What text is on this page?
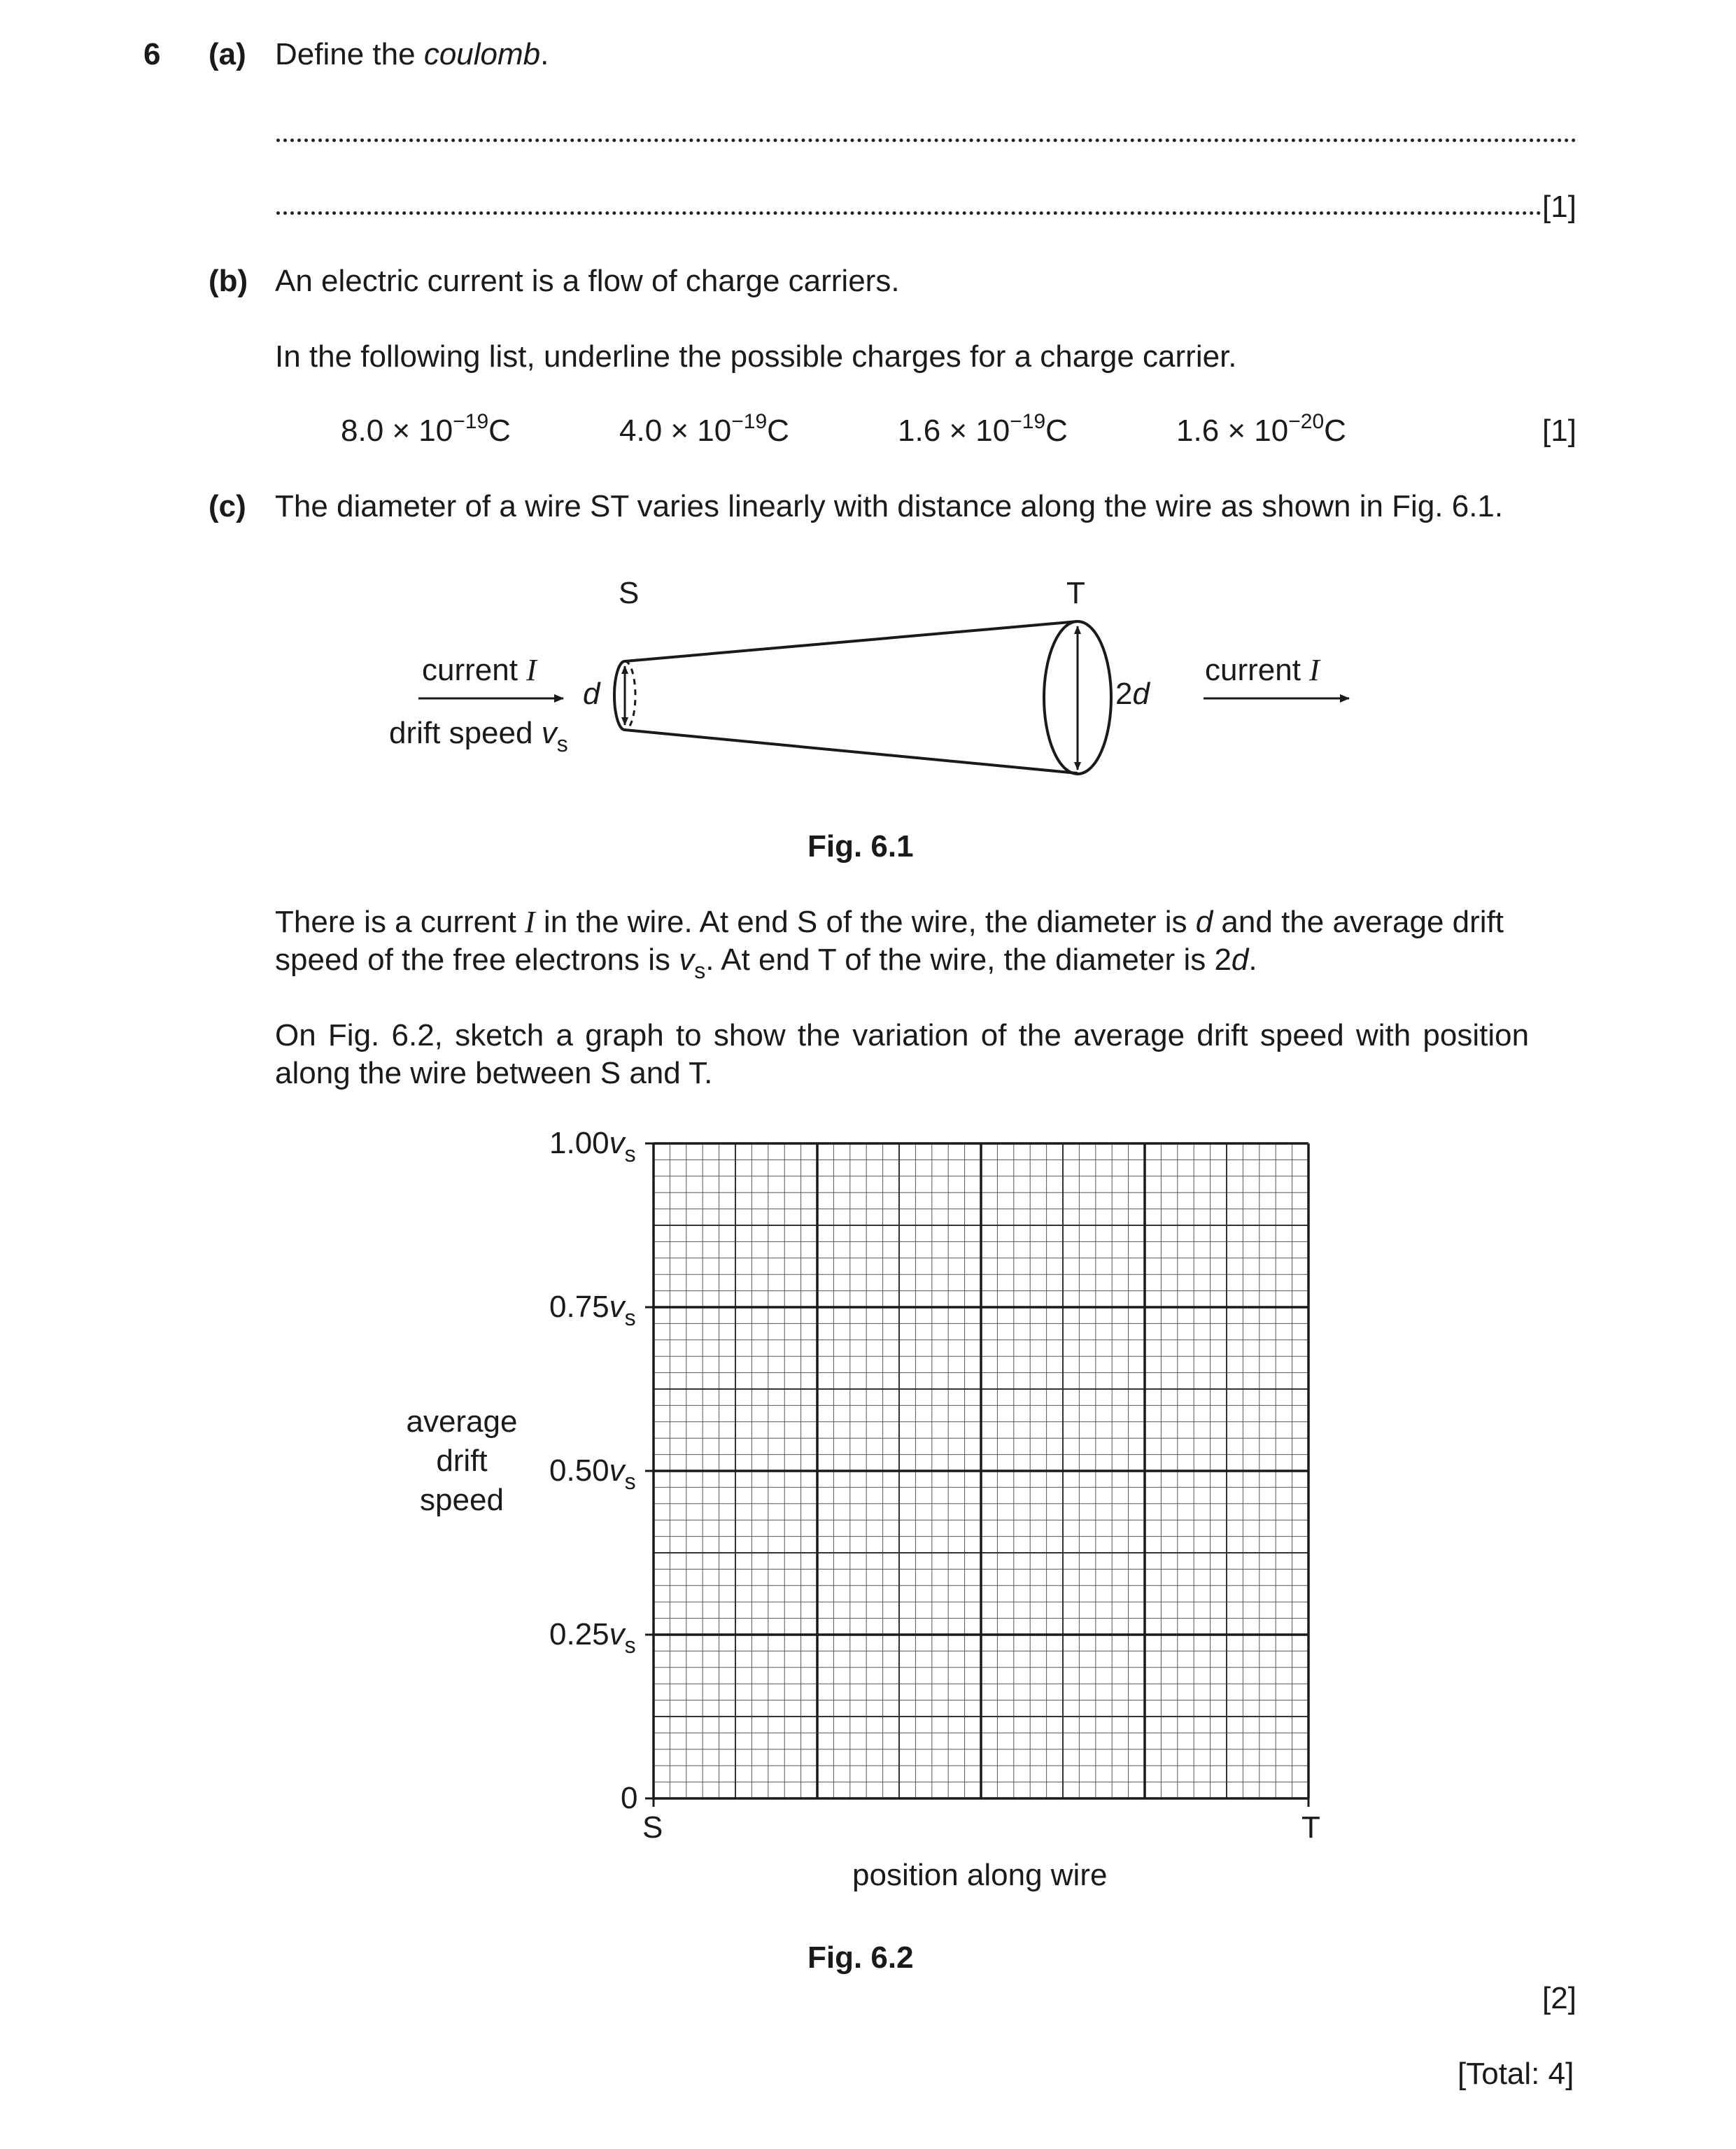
6 (a) Define the coulomb.
[1]
(b) An electric current is a flow of charge carriers.
In the following list, underline the possible charges for a charge carrier.
$8.0 \times 10^{-19}C$	$4.0 \times 10^{-19}C$	$1.6 \times 10^{-19}C$	$1.6 \times 10^{-20}C$	[1]
(c) The diameter of a wire ST varies linearly with distance along the wire as shown in Fig. 6.1.
S	T
current I
drift speed $v_s$
d	2d
current I
Fig. 6.1
There is a current I in the wire. At end S of the wire, the diameter is d and the average drift
speed of the free electrons is $v_s$. At end T of the wire, the diameter is 2d.
On Fig. 6.2, sketch a graph to show the variation of the average drift speed with position
along the wire between S and T.
$1.00v_s$
$0.75v_s$
$0.50v_s$
$0.25v_s$
0
average
drift
speed
S	T
position along wire
Fig. 6.2
[2]
[Total: 4]
